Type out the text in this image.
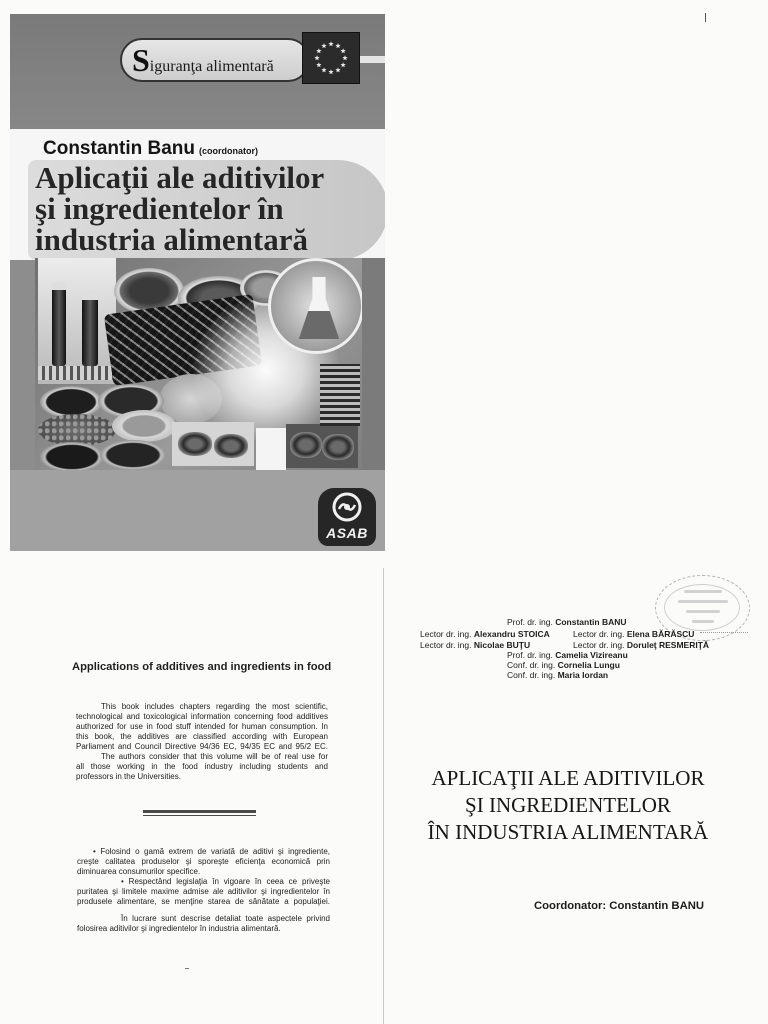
Siguranţa alimentară
Constantin Banu (coordonator)
Aplicaţii ale aditivilor
şi ingredientelor în
industria alimentară
ASAB
Applications of additives and ingredients in food
This book includes chapters regarding the most scientific,
technological and toxicological information concerning food additives
authorized for use in food stuff intended for human consumption. In
this book, the additives are classified according with European
Parliament and Council Directive 94/36 EC, 94/35 EC and 95/2 EC.
The authors consider that this volume will be of real use for
all those working in the food industry including students and
professors in the Universities.
• Folosind o gamă extrem de variată de aditivi şi ingrediente,
creşte calitatea produselor şi sporeşte eficienţa economică prin
diminuarea consumurilor specifice.
• Respectând legislaţia în vigoare în ceea ce priveşte
puritatea şi limitele maxime admise ale aditivilor şi ingredientelor în
produsele alimentare, se menţine starea de sănătate a populaţiei.
În lucrare sunt descrise detaliat toate aspectele privind
folosirea aditivilor şi ingredientelor în industria alimentară.
Prof. dr. ing. Constantin BANU
Lector dr. ing. Alexandru STOICA	Lector dr. ing. Elena BĂRĂSCU
Lector dr. ing. Nicolae BUŢU	Lector dr. ing. Doruleţ RESMERIŢĂ
Prof. dr. ing. Camelia Vizireanu
Conf. dr. ing. Cornelia Lungu
Conf. dr. ing. Maria Iordan
APLICAŢII ALE ADITIVILOR
ŞI INGREDIENTELOR
ÎN INDUSTRIA ALIMENTARĂ
Coordonator: Constantin BANU
